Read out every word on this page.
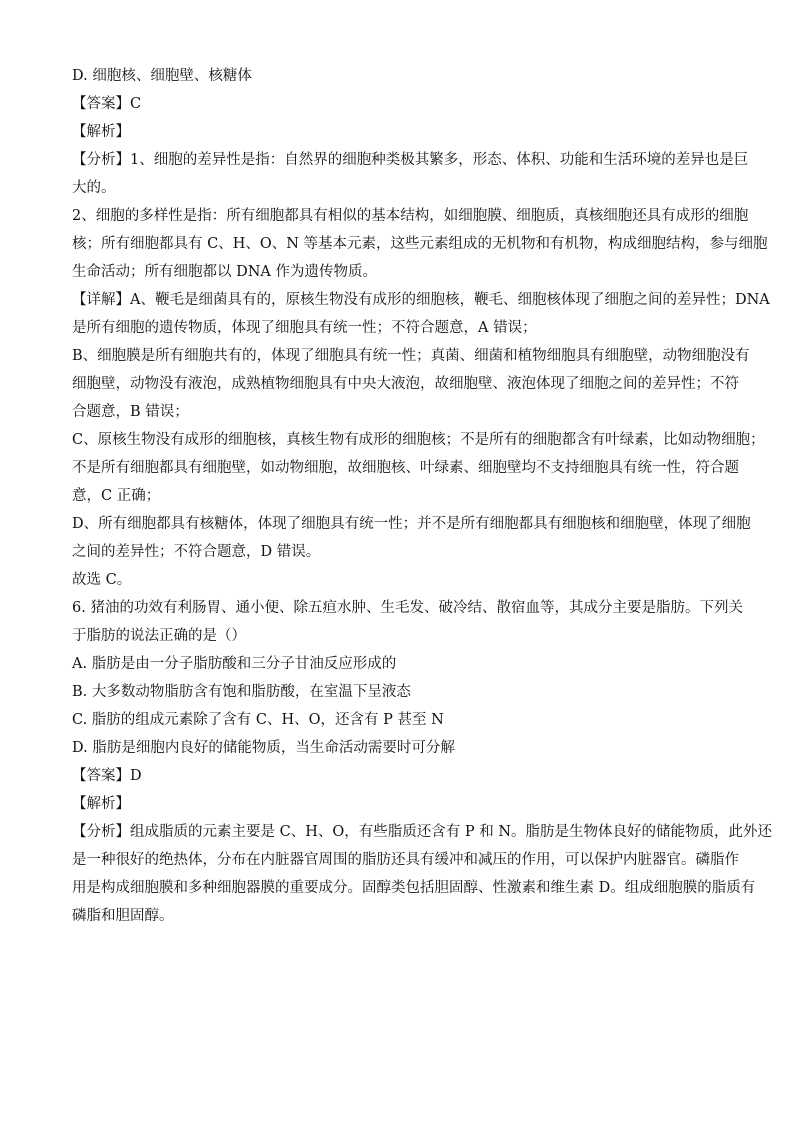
D. 细胞核、细胞壁、核糖体
【答案】C
【解析】
【分析】1、细胞的差异性是指：自然界的细胞种类极其繁多，形态、体积、功能和生活环境的差异也是巨
大的。
2、细胞的多样性是指：所有细胞都具有相似的基本结构，如细胞膜、细胞质，真核细胞还具有成形的细胞
核；所有细胞都具有 C、H、O、N 等基本元素，这些元素组成的无机物和有机物，构成细胞结构，参与细胞
生命活动；所有细胞都以 DNA 作为遗传物质。
【详解】A、鞭毛是细菌具有的，原核生物没有成形的细胞核，鞭毛、细胞核体现了细胞之间的差异性；DNA
是所有细胞的遗传物质，体现了细胞具有统一性；不符合题意，A 错误；
B、细胞膜是所有细胞共有的，体现了细胞具有统一性；真菌、细菌和植物细胞具有细胞壁，动物细胞没有
细胞壁，动物没有液泡，成熟植物细胞具有中央大液泡，故细胞壁、液泡体现了细胞之间的差异性；不符
合题意，B 错误；
C、原核生物没有成形的细胞核，真核生物有成形的细胞核；不是所有的细胞都含有叶绿素，比如动物细胞；
不是所有细胞都具有细胞壁，如动物细胞，故细胞核、叶绿素、细胞壁均不支持细胞具有统一性，符合题
意，C 正确；
D、所有细胞都具有核糖体，体现了细胞具有统一性；并不是所有细胞都具有细胞核和细胞壁，体现了细胞
之间的差异性；不符合题意，D 错误。
故选 C。
6. 猪油的功效有利肠胃、通小便、除五疸水肿、生毛发、破冷结、散宿血等，其成分主要是脂肪。下列关
于脂肪的说法正确的是（）
A. 脂肪是由一分子脂肪酸和三分子甘油反应形成的
B. 大多数动物脂肪含有饱和脂肪酸，在室温下呈液态
C. 脂肪的组成元素除了含有 C、H、O，还含有 P 甚至 N
D. 脂肪是细胞内良好的储能物质，当生命活动需要时可分解
【答案】D
【解析】
【分析】组成脂质的元素主要是 C、H、O，有些脂质还含有 P 和 N。脂肪是生物体良好的储能物质，此外还
是一种很好的绝热体，分布在内脏器官周围的脂肪还具有缓冲和减压的作用，可以保护内脏器官。磷脂作
用是构成细胞膜和多种细胞器膜的重要成分。固醇类包括胆固醇、性激素和维生素 D。组成细胞膜的脂质有
磷脂和胆固醇。
